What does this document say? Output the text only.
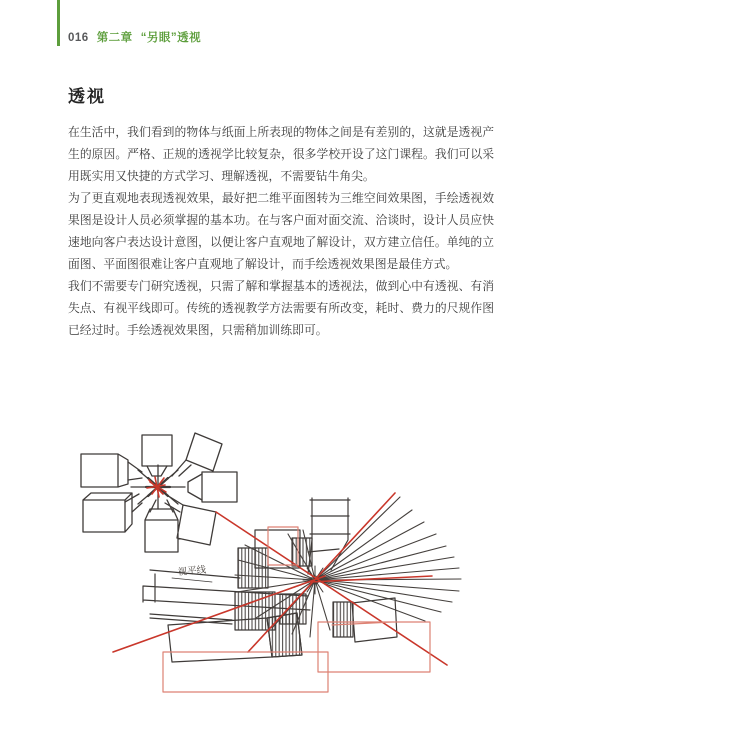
016 第二章 “另眼”透视
透视

在生活中，我们看到的物体与纸面上所表现的物体之间是有差别的，这就是透视产生的原因。严格、正规的透视学比较复杂，很多学校开设了这门课程。我们可以采用既实用又快捷的方式学习、理解透视，不需要钻牛角尖。

为了更直观地表现透视效果，最好把二维平面图转为三维空间效果图，手绘透视效果图是设计人员必须掌握的基本功。在与客户面对面交流、洽谈时，设计人员应快速地向客户表达设计意图，以便让客户直观地了解设计，双方建立信任。单纯的立面图、平面图很难让客户直观地了解设计，而手绘透视效果图是最佳方式。

我们不需要专门研究透视，只需了解和掌握基本的透视法，做到心中有透视、有消失点、有视平线即可。传统的透视教学方法需要有所改变，耗时、费力的尺规作图已经过时。手绘透视效果图，只需稍加训练即可。

视平线
